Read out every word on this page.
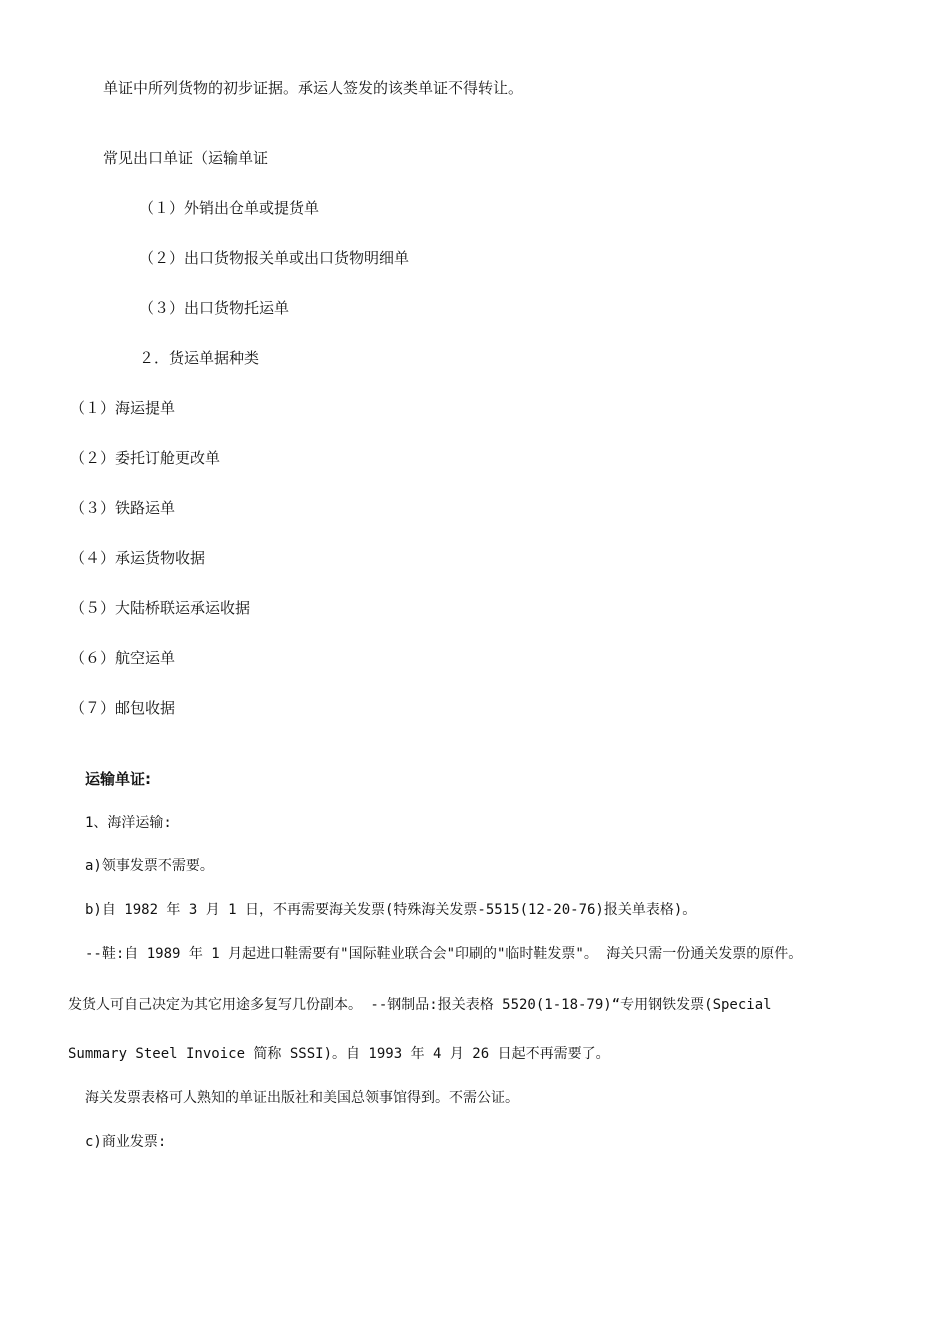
单证中所列货物的初步证据。承运人签发的该类单证不得转让。
常见出口单证（运输单证
（１）外销出仓单或提货单
（２）出口货物报关单或出口货物明细单
（３）出口货物托运单
２．货运单据种类
（１）海运提单
（２）委托订舱更改单
（３）铁路运单
（４）承运货物收据
（５）大陆桥联运承运收据
（６）航空运单
（７）邮包收据
运输单证:
1、海洋运输:
a)领事发票不需要。
b)自 1982 年 3 月 1 日，不再需要海关发票(特殊海关发票-5515(12-20-76)报关单表格)。
--鞋:自 1989 年 1 月起进口鞋需要有"国际鞋业联合会"印刷的"临时鞋发票"。 海关只需一份通关发票的原件。
发货人可自己决定为其它用途多复写几份副本。 --钢制品:报关表格 5520(1-18-79)“专用钢铁发票(Special
Summary Steel Invoice 简称 SSSI)。自 1993 年 4 月 26 日起不再需要了。
海关发票表格可人熟知的单证出版社和美国总领事馆得到。不需公证。
c)商业发票:
